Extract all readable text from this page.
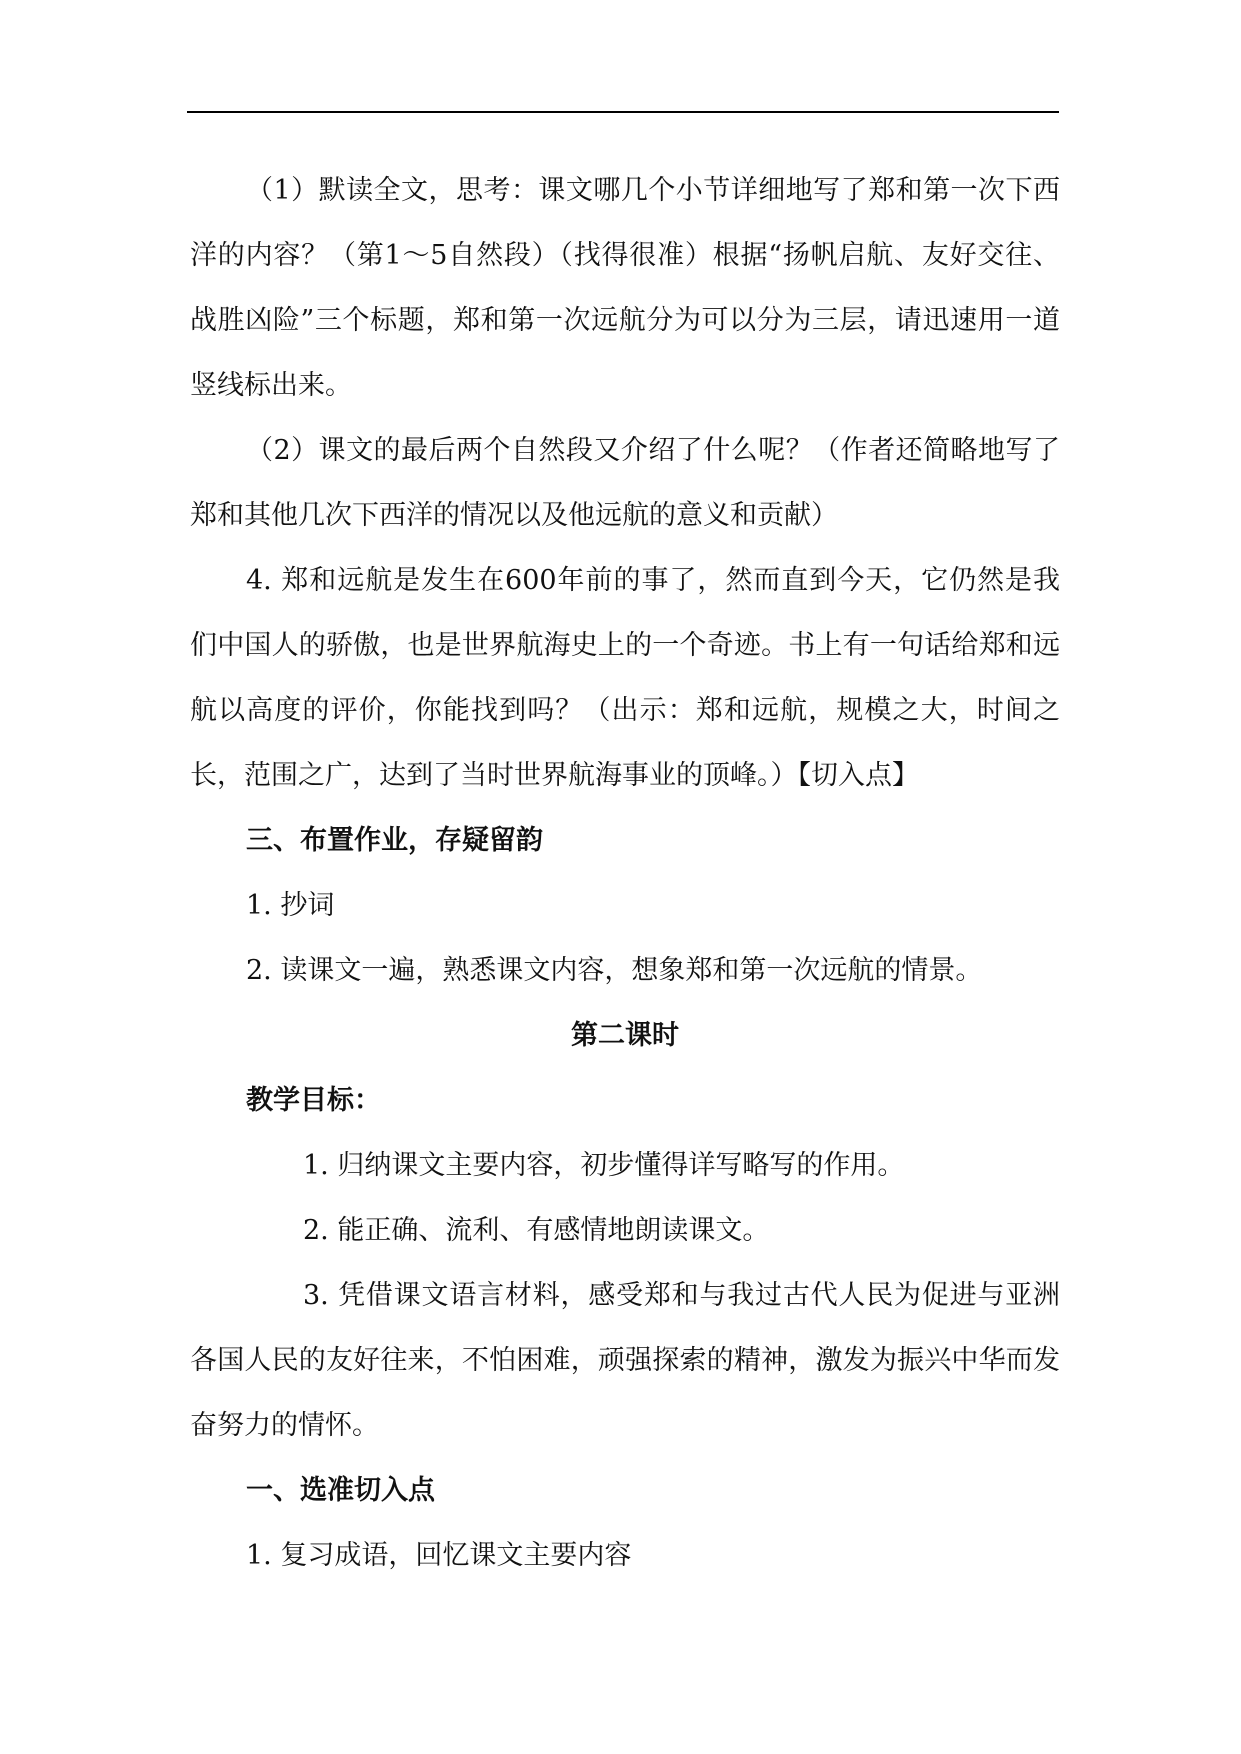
（1）默读全文，思考：课文哪几个小节详细地写了郑和第一次下西洋的内容？（第1～5自然段）（找得很准）根据“扬帆启航、友好交往、战胜凶险”三个标题，郑和第一次远航分为可以分为三层，请迅速用一道竖线标出来。

（2）课文的最后两个自然段又介绍了什么呢？（作者还简略地写了郑和其他几次下西洋的情况以及他远航的意义和贡献）

4. 郑和远航是发生在600年前的事了，然而直到今天，它仍然是我们中国人的骄傲，也是世界航海史上的一个奇迹。书上有一句话给郑和远航以高度的评价，你能找到吗？（出示：郑和远航，规模之大，时间之长，范围之广，达到了当时世界航海事业的顶峰。）【切入点】

三、布置作业，存疑留韵

1. 抄词

2. 读课文一遍，熟悉课文内容，想象郑和第一次远航的情景。

第二课时

教学目标：

1. 归纳课文主要内容，初步懂得详写略写的作用。

2. 能正确、流利、有感情地朗读课文。

3. 凭借课文语言材料，感受郑和与我过古代人民为促进与亚洲各国人民的友好往来，不怕困难，顽强探索的精神，激发为振兴中华而发奋努力的情怀。

一、选准切入点

1. 复习成语，回忆课文主要内容
